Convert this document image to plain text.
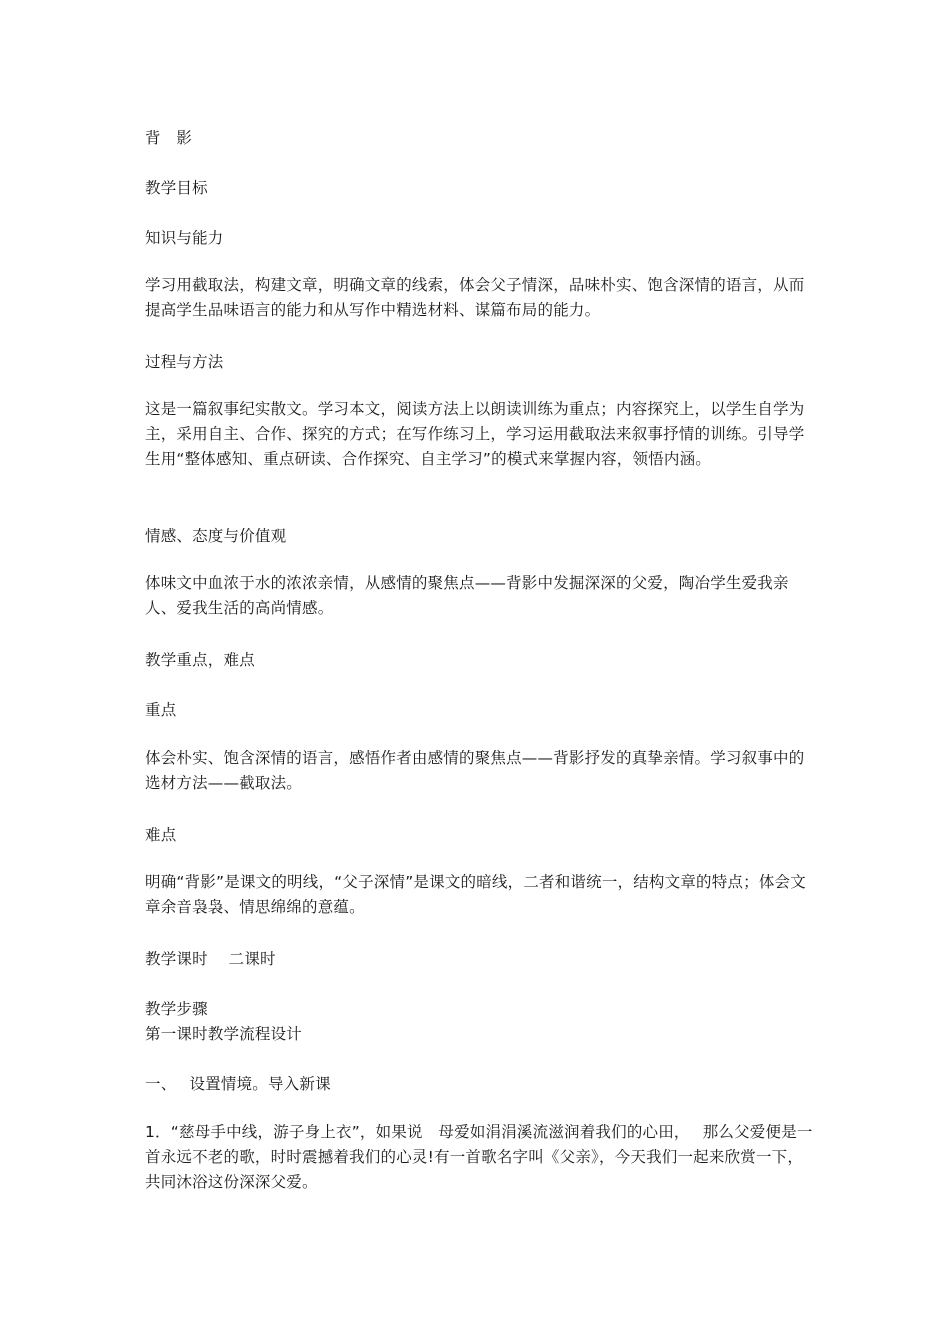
背　影
教学目标
知识与能力
学习用截取法，构建文章，明确文章的线索，体会父子情深，品味朴实、饱含深情的语言，从而提高学生品味语言的能力和从写作中精选材料、谋篇布局的能力。
过程与方法
这是一篇叙事纪实散文。学习本文，阅读方法上以朗读训练为重点；内容探究上，以学生自学为主，采用自主、合作、探究的方式；在写作练习上，学习运用截取法来叙事抒情的训练。引导学生用“整体感知、重点研读、合作探究、自主学习”的模式来掌握内容，领悟内涵。
情感、态度与价值观
体味文中血浓于水的浓浓亲情，从感情的聚焦点——背影中发掘深深的父爱，陶冶学生爱我亲人、爱我生活的高尚情感。
教学重点，难点
重点
体会朴实、饱含深情的语言，感悟作者由感情的聚焦点——背影抒发的真挚亲情。学习叙事中的选材方法——截取法。
难点
明确“背影”是课文的明线，“父子深情”是课文的暗线，二者和谐统一，结构文章的特点；体会文章余音袅袅、情思绵绵的意蕴。
教学课时　 二课时
教学步骤
第一课时教学流程设计
一、　 设置情境。导入新课
1．“慈母手中线，游子身上衣”，如果说　母爱如涓涓溪流滋润着我们的心田，　 那么父爱便是一首永远不老的歌，时时震撼着我们的心灵!有一首歌名字叫《父亲》，今天我们一起来欣赏一下，共同沐浴这份深深父爱。
